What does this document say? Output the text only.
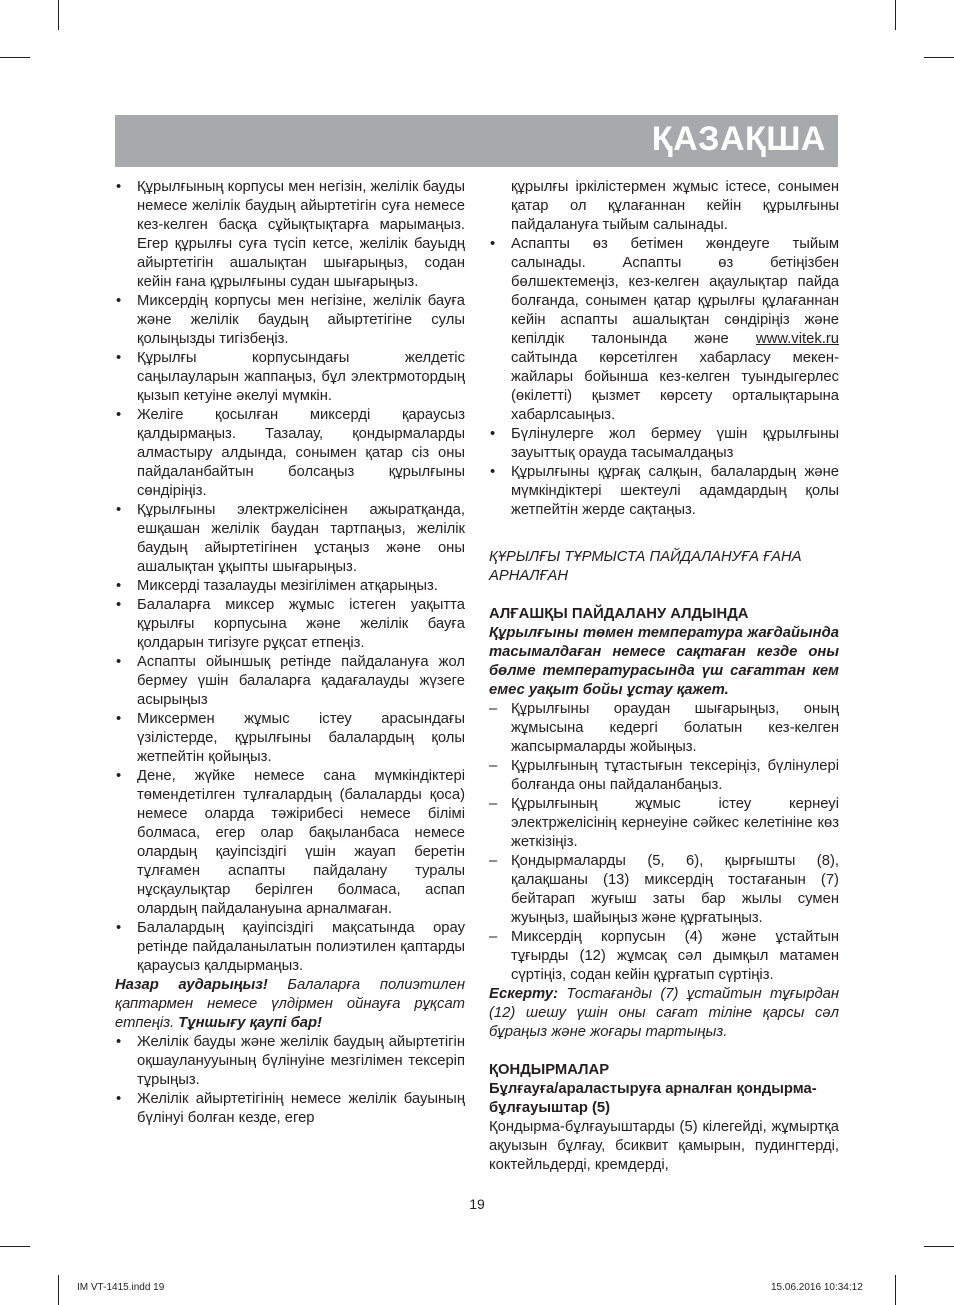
ҚАЗАҚША
•	Құрылғының корпусы мен негізін, желілік бауды немесе желілік баудың айыртетігін суға немесе кез-келген басқа сұйықтықтарға марымаңыз. Егер құрылғы суға түсіп кетсе, желілік бауыдң айыртетігін ашалықтан шығарыңыз, содан кейін ғана құрылғыны судан шығарыңыз.
•	Миксердің корпусы мен негізіне, желілік бауға және желілік баудың айыртетігіне сулы қолыңызды тигізбеңіз.
•	Құрылғы корпусындағы желдетіс саңылауларын жаппаңыз, бұл электрмотордың қызып кетуіне әкелуі мүмкін.
•	Желіге қосылған миксерді қараусыз қалдырмаңыз. Тазалау, қондырмаларды алмастыру алдында, сонымен қатар сіз оны пайдаланбайтын болсаңыз құрылғыны сөндіріңіз.
•	Құрылғыны электржелісінен ажыратқанда, ешқашан желілік баудан тартпаңыз, желілік баудың айыртетігінен ұстаңыз және оны ашалықтан ұқыпты шығарыңыз.
•	Миксерді тазалауды мезігілімен атқарыңыз.
•	Балаларға миксер жұмыс істеген уақытта құрылғы корпусына және желілік бауға қолдарын тигізуге рұқсат етпеңіз.
•	Аспапты ойыншық ретінде пайдалануға жол бермеу үшін балаларға қадағалауды жүзеге асырыңыз
•	Миксермен жұмыс істеу арасындағы үзілістерде, құрылғыны балалардың қолы жетпейтін қойыңыз.
•	Дене, жүйке немесе сана мүмкіндіктері төмендетілген тұлғалардың (балаларды қоса) немесе оларда тәжірибесі немесе білімі болмаса, егер олар бақыланбаса немесе олардың қауіпсіздігі үшін жауап беретін тұлғамен аспапты пайдалану туралы нұсқаулықтар берілген болмаса, аспап олардың пайдалануына арналмаған.
•	Балалардың қауіпсіздігі мақсатында орау ретінде пайдаланылатын полиэтилен қаптарды қараусыз қалдырмаңыз.

Назар аударыңыз! Балаларға полиэтилен қаптармен немесе үлдірмен ойнауға рұқсат етпеңіз. Тұншығу қаупі бар!

•	Желілік бауды және желілік баудың айыртетігін оқшауланууының бүлінуіне мезгілімен тексеріп тұрыңыз.
•	Желілік айыртетігінің немесе желілік бауының бүлінуі болған кезде, егер

құрылғы іркілістермен жұмыс істесе, сонымен қатар ол құлағаннан кейін құрылғыны пайдалануға тыйым салынады.

•	Аспапты өз бетімен жөндеуге тыйым салынады. Аспапты өз бетіңізбен бөлшектемеңіз, кез-келген ақаулықтар пайда болғанда, сонымен қатар құрылғы құлағаннан кейін аспапты ашалықтан сөндіріңіз және кепілдік талонында және www.vitek.ru сайтында көрсетілген хабарласу мекен-жайлары бойынша кез-келген туындыгерлес (өкілетті) қызмет көрсету орталықтарына хабарлсаыңыз.
•	Бүлінулерге жол бермеу үшін құрылғыны зауыттық орауда тасымалдаңыз
•	Құрылғыны құрғақ салқын, балалардың және мүмкіндіктері шектеулі адамдардың қолы жетпейтін жерде сақтаңыз.

ҚҰРЫЛҒЫ ТҰРМЫСТА ПАЙДАЛАНУҒА ҒАНА АРНАЛҒАН

АЛҒАШҚЫ ПАЙДАЛАНУ АЛДЫНДА

Құрылғыны төмен температура жағдайында тасымалдаған немесе сақтаған кезде оны бөлме температурасында үш сағаттан кем емес уақыт бойы ұстау қажет.

– Құрылғыны ораудан шығарыңыз, оның жұмысына кедергі болатын кез-келген жапсырмаларды жойыңыз.
– Құрылғының тұтастығын тексеріңіз, бүлінулері болғанда оны пайдаланбаңыз.
– Құрылғының жұмыс істеу кернеуі электржелісінің кернеуіне сәйкес келетініне көз жеткізіңіз.
– Қондырмаларды (5, 6), қырғышты (8), қалақшаны (13) миксердің тостағанын (7) бейтарап жуғыш заты бар жылы сумен жуыңыз, шайыңыз және құрғатыңыз.
– Миксердің корпусын (4) және ұстайтын тұғырды (12) жұмсақ сәл дымқыл матамен сүртіңіз, содан кейін құрғатып сүртіңіз.

Ескерту: Тостағанды (7) ұстайтын тұғырдан (12) шешу үшін оны сағат тіліне қарсы сәл бұраңыз және жоғары тартыңыз.

ҚОНДЫРМАЛАР

Бұлғауға/араластыруға арналған қондырма-бұлғауыштар (5)

Қондырма-бұлғауыштарды (5) кілегейді, жұмыртқа ақуызын бұлғау, бсиквит қамырын, пудингтерді, коктейльдерді, кремдерді,

19
IM VT-1415.indd 19	15.06.2016 10:34:12
